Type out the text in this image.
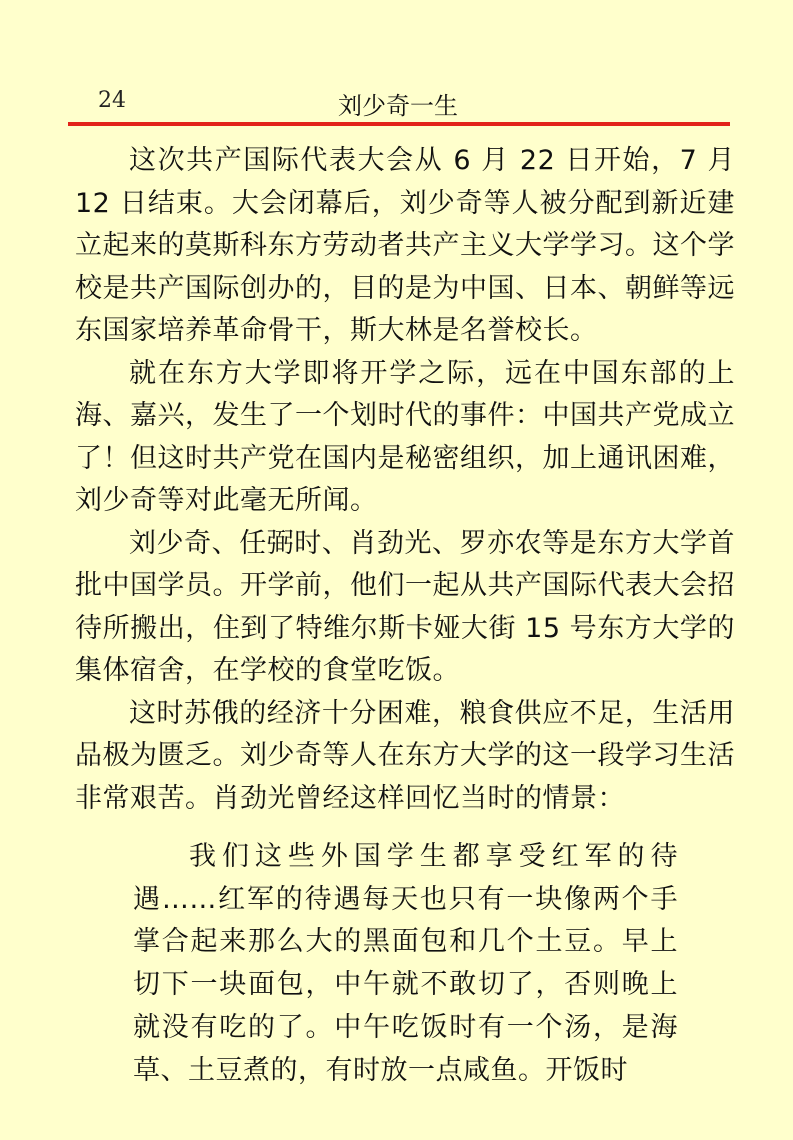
24	刘少奇一生

这次共产国际代表大会从 6 月 22 日开始，7 月 12 日结束。大会闭幕后，刘少奇等人被分配到新近建立起来的莫斯科东方劳动者共产主义大学学习。这个学校是共产国际创办的，目的是为中国、日本、朝鲜等远东国家培养革命骨干，斯大林是名誉校长。

就在东方大学即将开学之际，远在中国东部的上海、嘉兴，发生了一个划时代的事件：中国共产党成立了！但这时共产党在国内是秘密组织，加上通讯困难，刘少奇等对此毫无所闻。

刘少奇、任弼时、肖劲光、罗亦农等是东方大学首批中国学员。开学前，他们一起从共产国际代表大会招待所搬出，住到了特维尔斯卡娅大街 15 号东方大学的集体宿舍，在学校的食堂吃饭。

这时苏俄的经济十分困难，粮食供应不足，生活用品极为匮乏。刘少奇等人在东方大学的这一段学习生活非常艰苦。肖劲光曾经这样回忆当时的情景：

我们这些外国学生都享受红军的待遇……红军的待遇每天也只有一块像两个手掌合起来那么大的黑面包和几个土豆。早上切下一块面包，中午就不敢切了，否则晚上就没有吃的了。中午吃饭时有一个汤，是海草、土豆煮的，有时放一点咸鱼。开饭时
